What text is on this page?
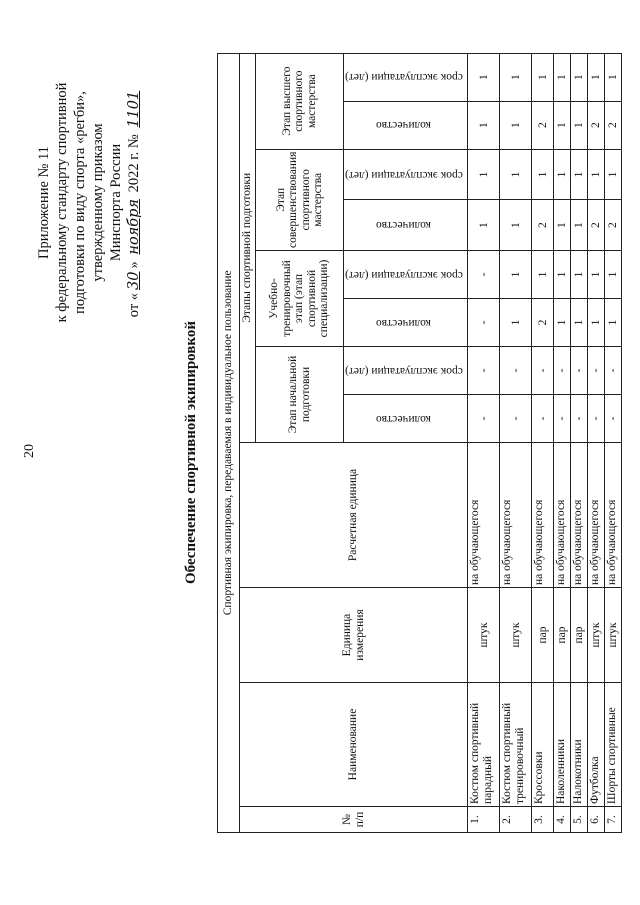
20
Приложение № 11 к федеральному стандарту спортивной подготовки по виду спорта «регби», утвержденному приказом Минспорта России
от «30» ноября 2022 г. № 1101
Обеспечение спортивной экипировкой Спортивная экипировка, передаваемая в индивидуальное пользование											
№ п/п	Наименование	Единица измерения	Расчетная единица	Этапы спортивной подготовки							
				Этап начальной подготовки		Учебно-тренировочный этап (этап спортивной специализации)		Этап совершенствования спортивного мастерства		Этап высшего спортивного мастерства	
				количество	срок эксплуатации (лет)	количество	срок эксплуатации (лет)	количество	срок эксплуатации (лет)	количество	срок эксплуатации (лет)
1.	Костюм спортивный парадный	штук	на обучающегося	-	-	-	-	1	1	1	1
2.	Костюм спортивный тренировочный	штук	на обучающегося	-	-	1	1	1	1	1	1
3.	Кроссовки	пар	на обучающегося	-	-	2	1	2	1	2	1
4.	Наколенники	пар	на обучающегося	-	-	1	1	1	1	1	1
5.	Налокотники	пар	на обучающегося	-	-	1	1	1	1	1	1
6.	Футболка	штук	на обучающегося	-	-	1	1	2	1	2	1
7.	Шорты спортивные	штук	на обучающегося	-	-	1	1	2	1	2	1
